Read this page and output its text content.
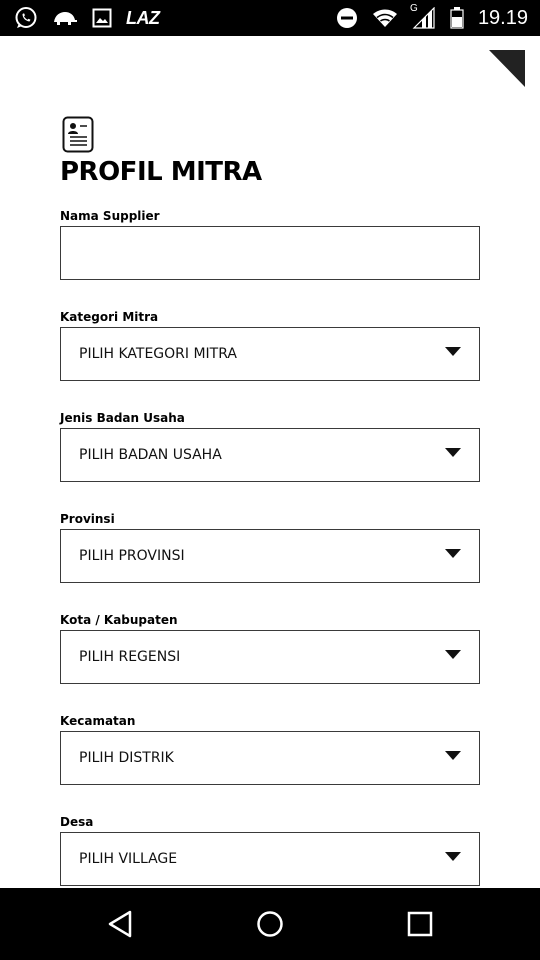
LAZ	G	19.19
PROFIL MITRA
Nama Supplier
Kategori Mitra
PILIH KATEGORI MITRA
Jenis Badan Usaha
PILIH BADAN USAHA
Provinsi
PILIH PROVINSI
Kota / Kabupaten
PILIH REGENSI
Kecamatan
PILIH DISTRIK
Desa
PILIH VILLAGE
